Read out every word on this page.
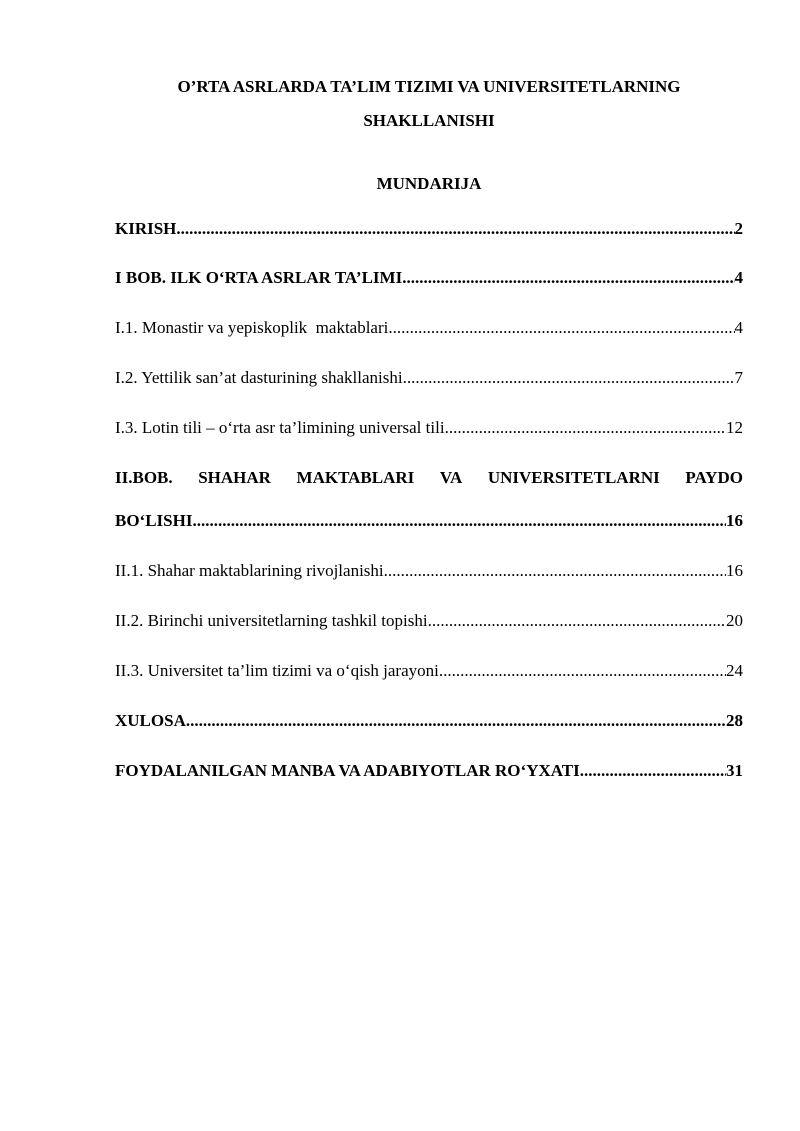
O’RTA ASRLARDA TA’LIM TIZIMI VA UNIVERSITETLARNING
SHAKLLANISHI
MUNDARIJA
KIRISH .....	2
I BOB. ILK O‘RTA ASRLAR TA’LIMI .....	4
I.1. Monastir va yepiskoplik  maktablari .....	4
I.2. Yettilik san’at dasturining shakllanishi .....	7
I.3. Lotin tili – o‘rta asr ta’limining universal tili .....	12
II.BOB. SHAHAR MAKTABLARI VA UNIVERSITETLARNI PAYDO
BO‘LISHI .....	16
II.1. Shahar maktablarining rivojlanishi .....	16
II.2. Birinchi universitetlarning tashkil topishi .....	20
II.3. Universitet ta’lim tizimi va o‘qish jarayoni .....	24
XULOSA .....	28
FOYDALANILGAN MANBA VA ADABIYOTLAR RO‘YXATI .....	31
